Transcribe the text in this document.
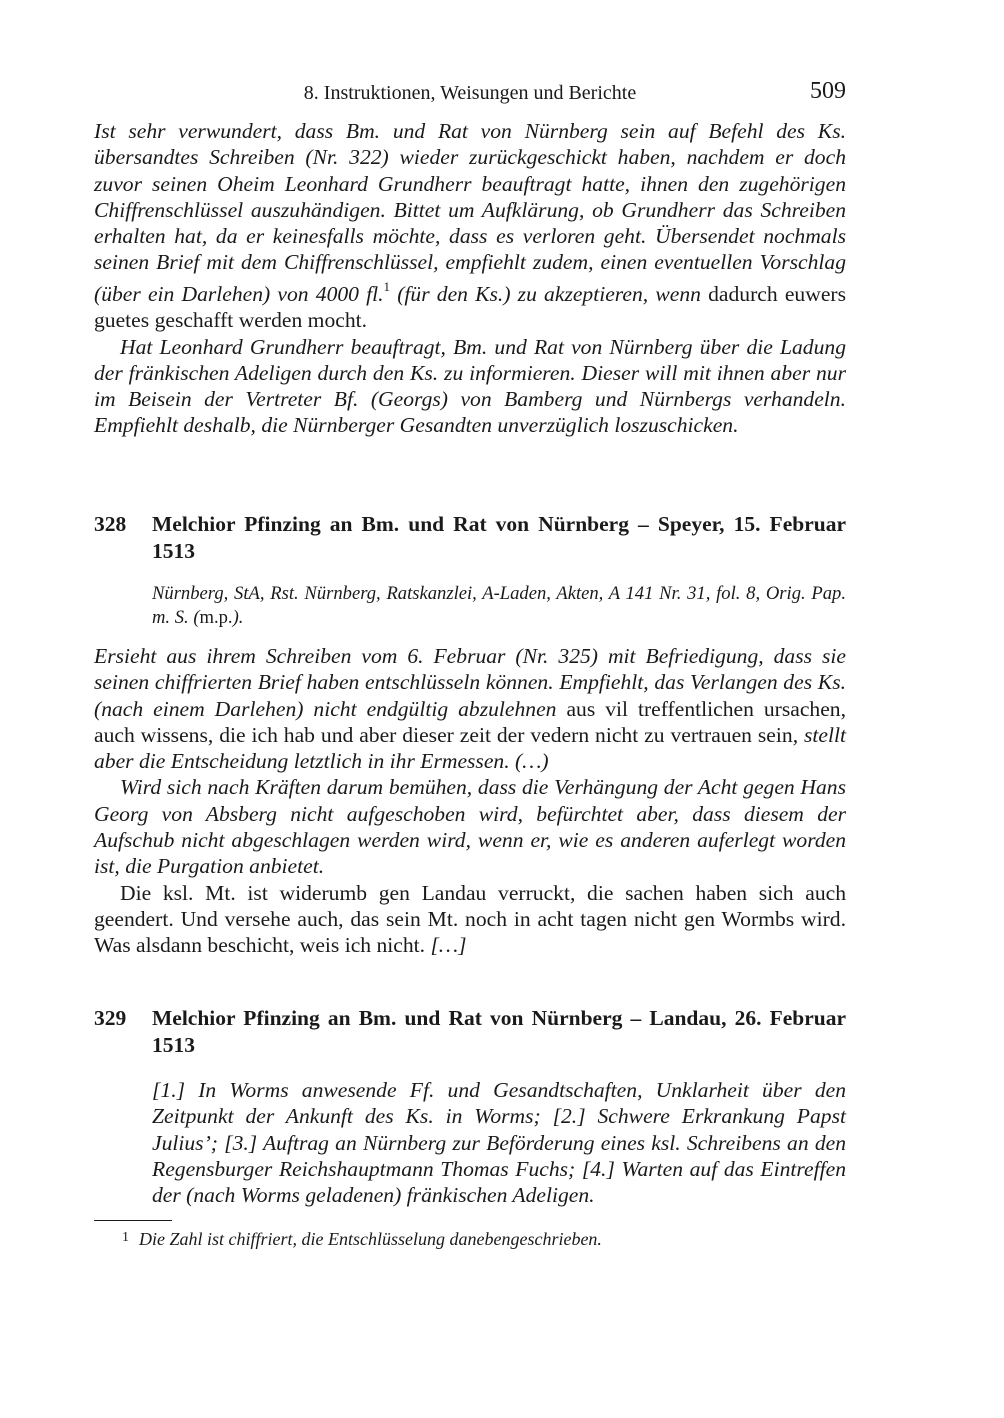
8. Instruktionen, Weisungen und Berichte	509

Ist sehr verwundert, dass Bm. und Rat von Nürnberg sein auf Befehl des Ks. übersandtes Schreiben (Nr. 322) wieder zurückgeschickt haben, nachdem er doch zuvor seinen Oheim Leonhard Grundherr beauftragt hatte, ihnen den zugehörigen Chiffrenschlüssel auszuhändigen. Bittet um Aufklärung, ob Grundherr das Schreiben erhalten hat, da er keinesfalls möchte, dass es verloren geht. Übersendet nochmals seinen Brief mit dem Chiffrenschlüssel, empfiehlt zudem, einen eventuellen Vorschlag (über ein Darlehen) von 4000 fl.$^1$ (für den Ks.) zu akzeptieren, wenn dadurch euwers guetes geschafft werden mocht.

Hat Leonhard Grundherr beauftragt, Bm. und Rat von Nürnberg über die Ladung der fränkischen Adeligen durch den Ks. zu informieren. Dieser will mit ihnen aber nur im Beisein der Vertreter Bf. (Georgs) von Bamberg und Nürnbergs verhandeln. Empfiehlt deshalb, die Nürnberger Gesandten unverzüglich loszuschicken.

328 Melchior Pfinzing an Bm. und Rat von Nürnberg – Speyer, 15. Februar 1513
Nürnberg, StA, Rst. Nürnberg, Ratskanzlei, A-Laden, Akten, A 141 Nr. 31, fol. 8, Orig. Pap. m. S. (m.p.).

Ersieht aus ihrem Schreiben vom 6. Februar (Nr. 325) mit Befriedigung, dass sie seinen chiffrierten Brief haben entschlüsseln können. Empfiehlt, das Verlangen des Ks. (nach einem Darlehen) nicht endgültig abzulehnen aus vil treffentlichen ursachen, auch wissens, die ich hab und aber dieser zeit der vedern nicht zu vertrauen sein, stellt aber die Entscheidung letztlich in ihr Ermessen. (…)

Wird sich nach Kräften darum bemühen, dass die Verhängung der Acht gegen Hans Georg von Absberg nicht aufgeschoben wird, befürchtet aber, dass diesem der Aufschub nicht abgeschlagen werden wird, wenn er, wie es anderen auferlegt worden ist, die Purgation anbietet.

Die ksl. Mt. ist widerumb gen Landau verruckt, die sachen haben sich auch geendert. Und versehe auch, das sein Mt. noch in acht tagen nicht gen Wormbs wird. Was alsdann beschicht, weis ich nicht. […]

329 Melchior Pfinzing an Bm. und Rat von Nürnberg – Landau, 26. Februar 1513
[1.] In Worms anwesende Ff. und Gesandtschaften, Unklarheit über den Zeitpunkt der Ankunft des Ks. in Worms; [2.] Schwere Erkrankung Papst Julius’; [3.] Auftrag an Nürnberg zur Beförderung eines ksl. Schreibens an den Regensburger Reichshauptmann Thomas Fuchs; [4.] Warten auf das Eintreffen der (nach Worms geladenen) fränkischen Adeligen.
$^1$ Die Zahl ist chiffriert, die Entschlüsselung danebengeschrieben.
